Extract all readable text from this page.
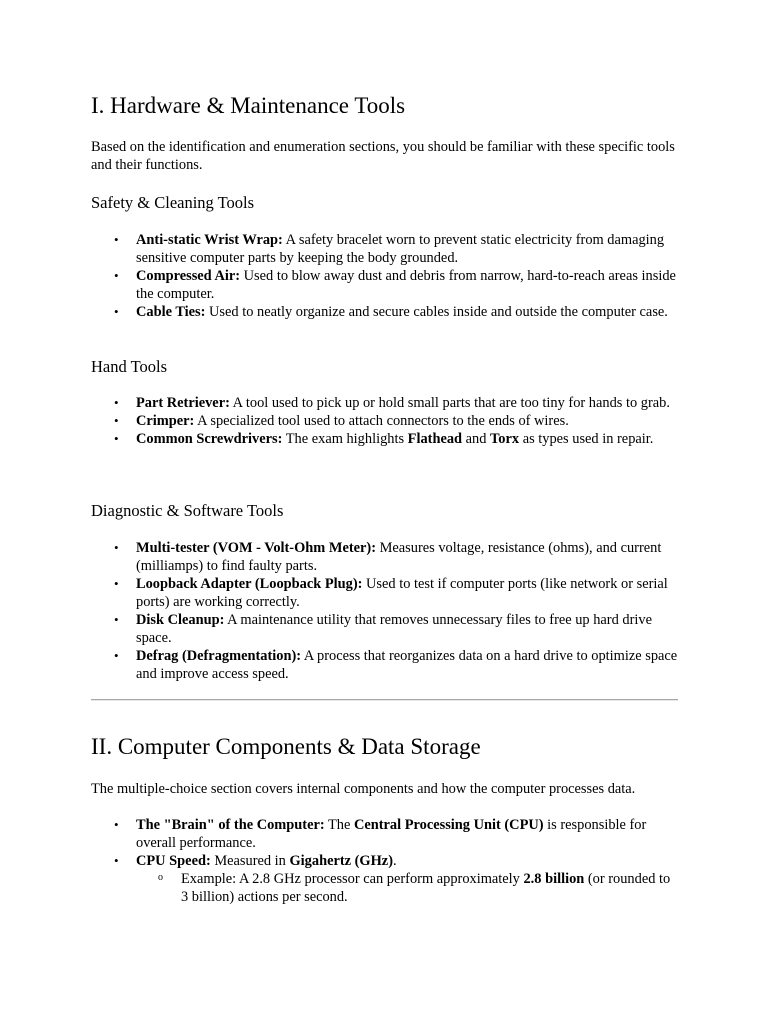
I. Hardware & Maintenance Tools

Based on the identification and enumeration sections, you should be familiar with these specific tools and their functions.

Safety & Cleaning Tools
• Anti-static Wrist Wrap: A safety bracelet worn to prevent static electricity from damaging sensitive computer parts by keeping the body grounded.
• Compressed Air: Used to blow away dust and debris from narrow, hard-to-reach areas inside the computer.
• Cable Ties: Used to neatly organize and secure cables inside and outside the computer case.
Hand Tools
• Part Retriever: A tool used to pick up or hold small parts that are too tiny for hands to grab.
• Crimper: A specialized tool used to attach connectors to the ends of wires.
• Common Screwdrivers: The exam highlights Flathead and Torx as types used in repair.
Diagnostic & Software Tools
• Multi-tester (VOM - Volt-Ohm Meter): Measures voltage, resistance (ohms), and current (milliamps) to find faulty parts.
• Loopback Adapter (Loopback Plug): Used to test if computer ports (like network or serial ports) are working correctly.
• Disk Cleanup: A maintenance utility that removes unnecessary files to free up hard drive space.
• Defrag (Defragmentation): A process that reorganizes data on a hard drive to optimize space and improve access speed.
II. Computer Components & Data Storage

The multiple-choice section covers internal components and how the computer processes data.

• The "Brain" of the Computer: The Central Processing Unit (CPU) is responsible for overall performance.
• CPU Speed: Measured in Gigahertz (GHz).
o Example: A 2.8 GHz processor can perform approximately 2.8 billion (or rounded to 3 billion) actions per second.
